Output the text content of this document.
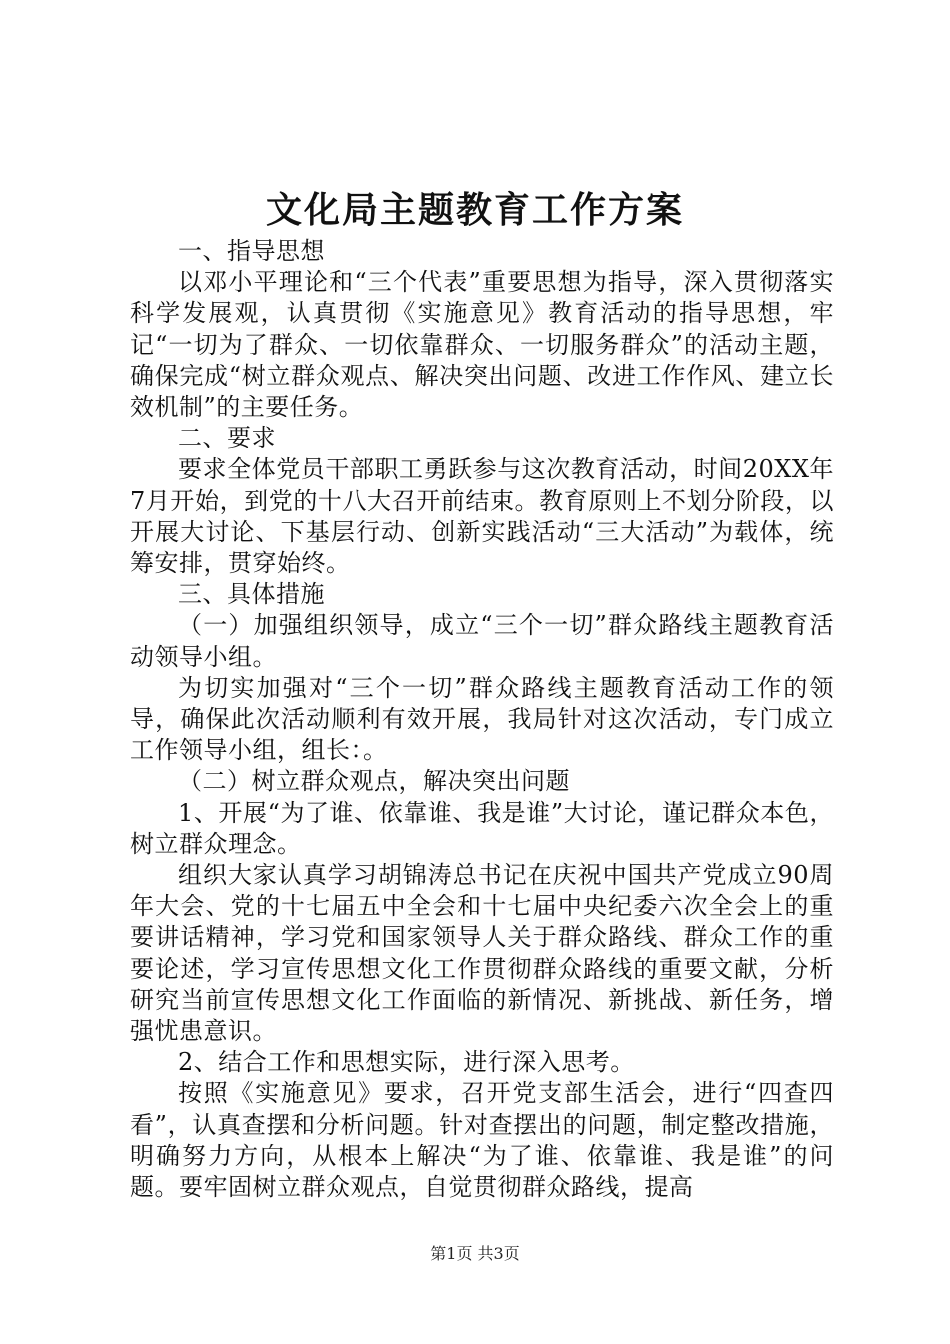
文化局主题教育工作方案

一、指导思想

以邓小平理论和“三个代表”重要思想为指导，深入贯彻落实科学发展观，认真贯彻《实施意见》教育活动的指导思想，牢记“一切为了群众、一切依靠群众、一切服务群众”的活动主题，确保完成“树立群众观点、解决突出问题、改进工作作风、建立长效机制”的主要任务。

二、要求

要求全体党员干部职工勇跃参与这次教育活动，时间20XX年7月开始，到党的十八大召开前结束。教育原则上不划分阶段，以开展大讨论、下基层行动、创新实践活动“三大活动”为载体，统筹安排，贯穿始终。

三、具体措施

（一）加强组织领导，成立“三个一切”群众路线主题教育活动领导小组。

为切实加强对“三个一切”群众路线主题教育活动工作的领导，确保此次活动顺利有效开展，我局针对这次活动，专门成立工作领导小组，组长：。

（二）树立群众观点，解决突出问题

1、开展“为了谁、依靠谁、我是谁”大讨论，谨记群众本色，树立群众理念。

组织大家认真学习胡锦涛总书记在庆祝中国共产党成立90周年大会、党的十七届五中全会和十七届中央纪委六次全会上的重要讲话精神，学习党和国家领导人关于群众路线、群众工作的重要论述，学习宣传思想文化工作贯彻群众路线的重要文献，分析研究当前宣传思想文化工作面临的新情况、新挑战、新任务，增强忧患意识。

2、结合工作和思想实际，进行深入思考。

按照《实施意见》要求，召开党支部生活会，进行“四查四看”，认真查摆和分析问题。针对查摆出的问题，制定整改措施，明确努力方向，从根本上解决“为了谁、依靠谁、我是谁”的问题。要牢固树立群众观点，自觉贯彻群众路线，提高

第1页 共3页
